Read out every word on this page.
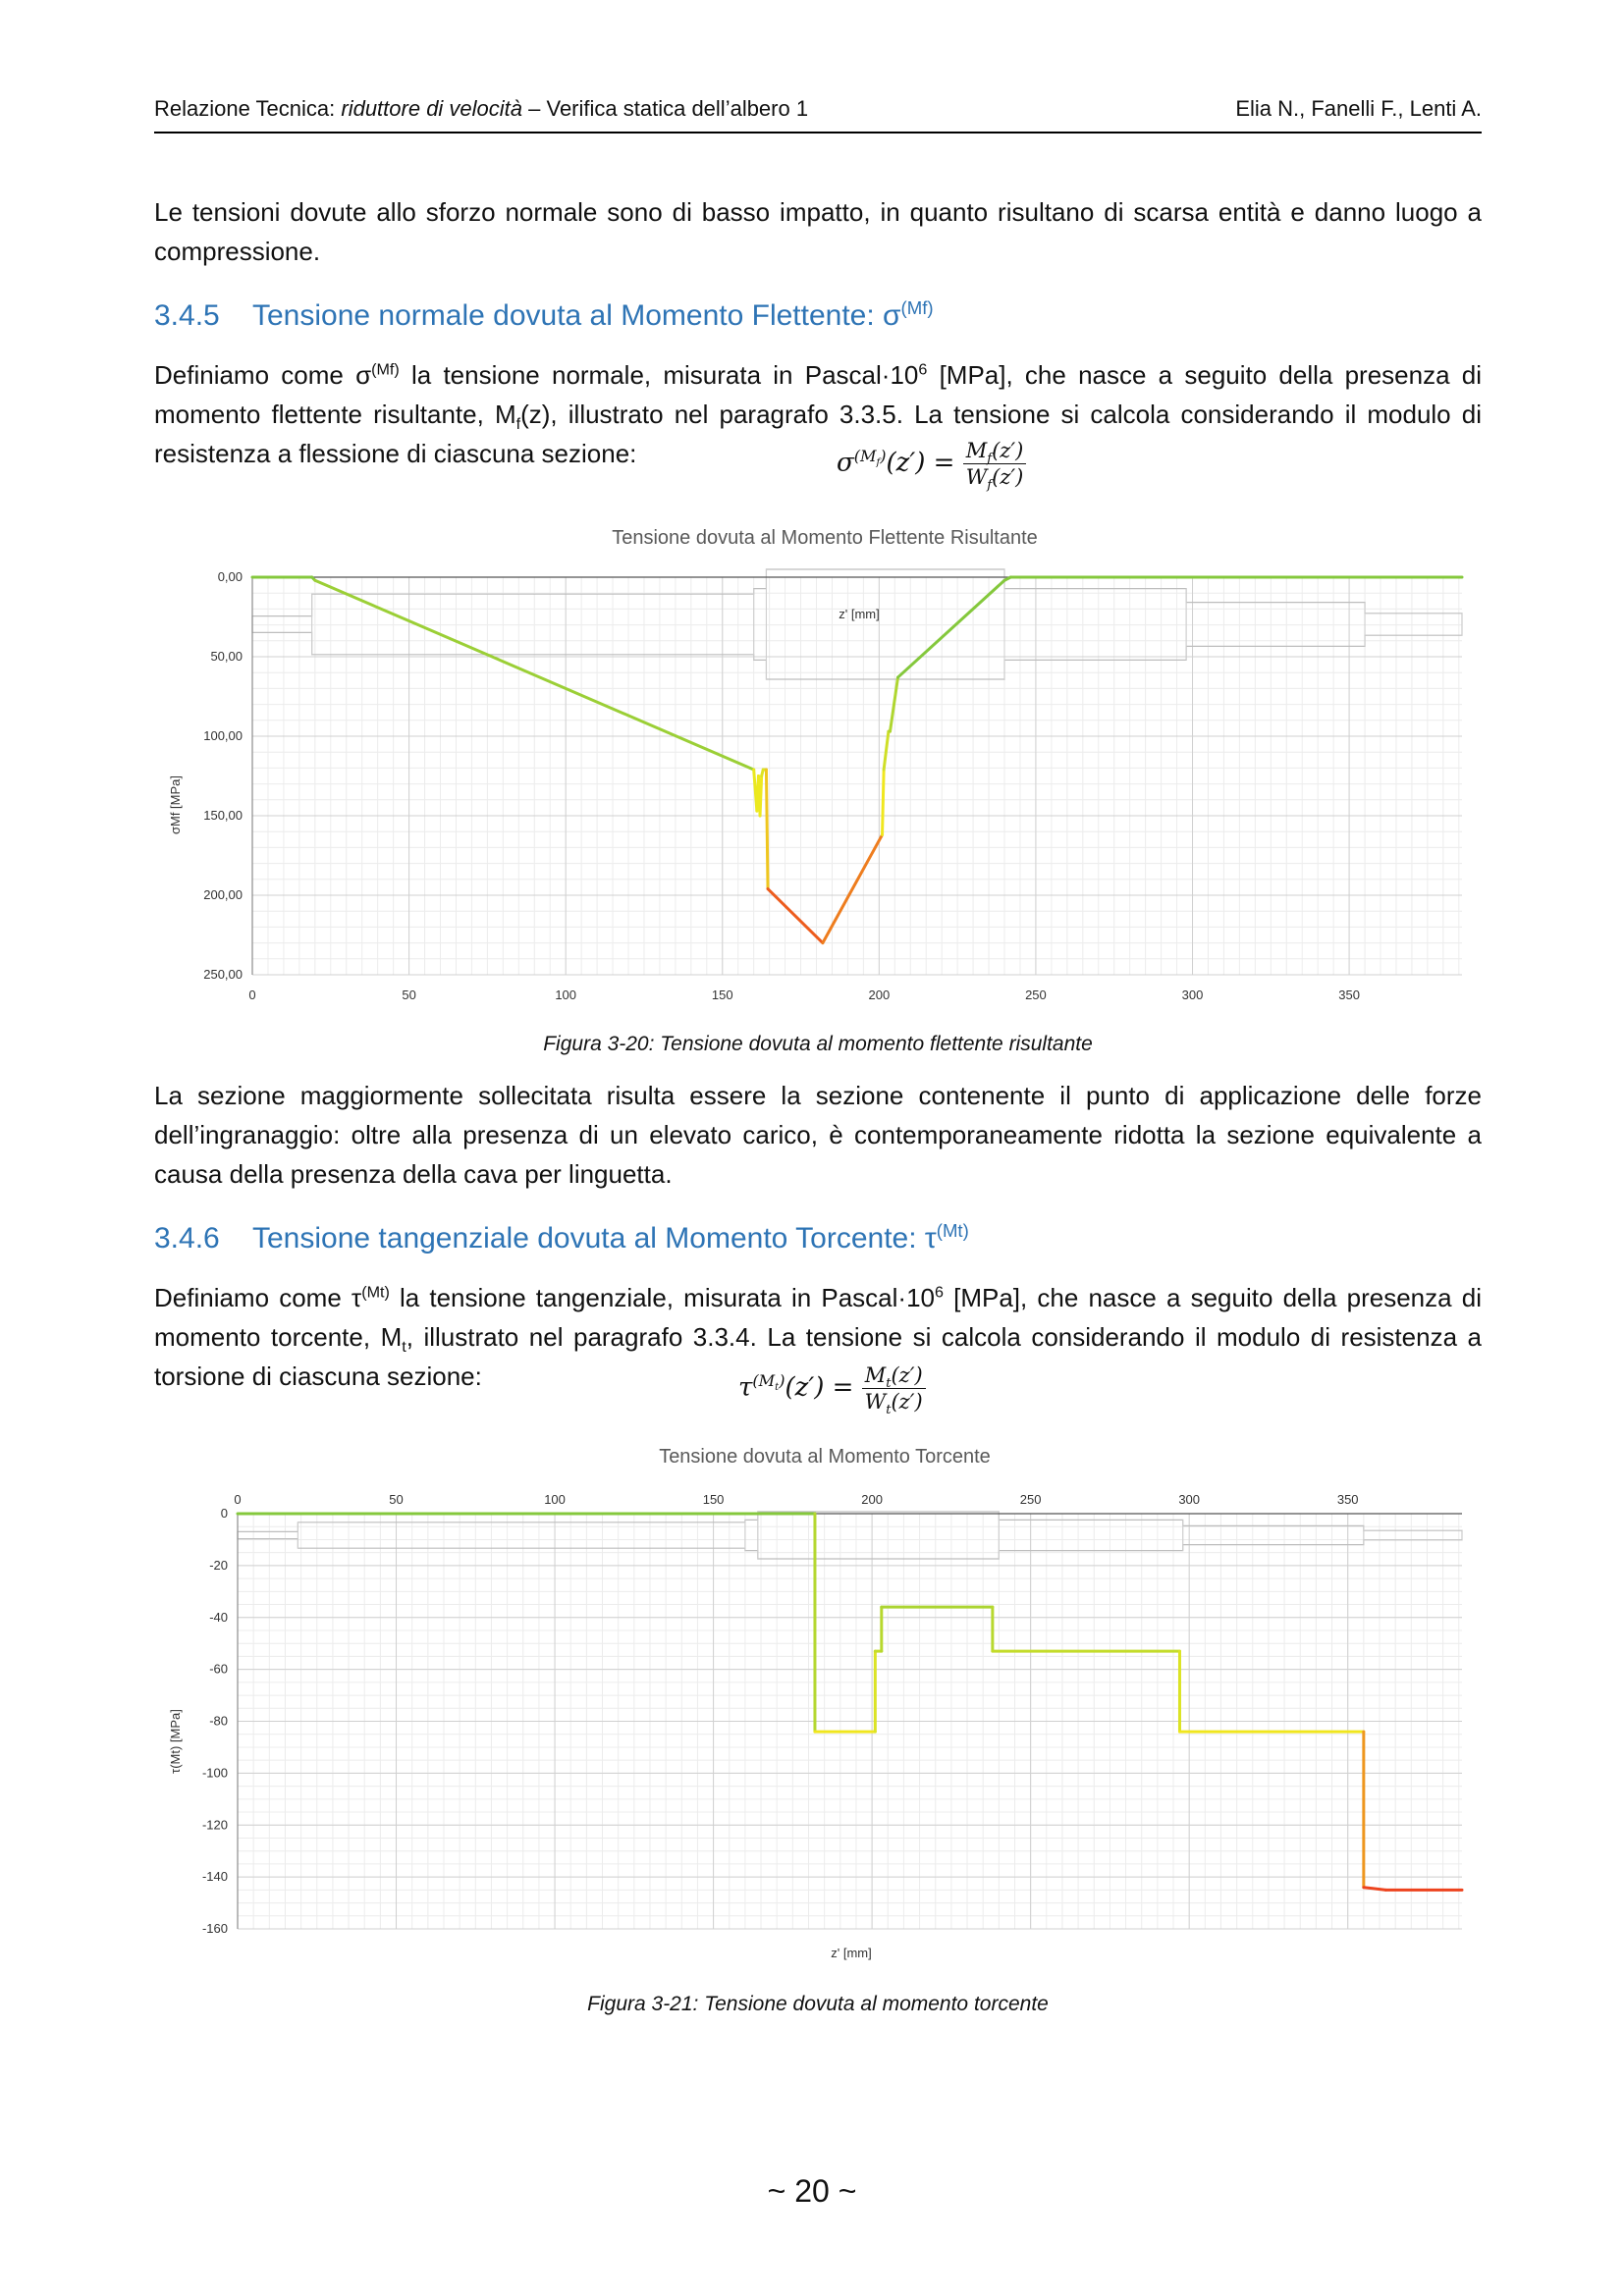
Relazione Tecnica: riduttore di velocità – Verifica statica dell’albero 1	Elia N., Fanelli F., Lenti A.

Le tensioni dovute allo sforzo normale sono di basso impatto, in quanto risultano di scarsa entità e danno luogo a compressione.

3.4.5 Tensione normale dovuta al Momento Flettente: $\sigma^{(Mf)}$

Definiamo come $\sigma^{(Mf)}$ la tensione normale, misurata in $Pascal\cdot 10^6$ [MPa], che nasce a seguito della presenza di momento flettente risultante, $M_f(z)$, illustrato nel paragrafo 3.3.5. La tensione si calcola considerando il modulo di resistenza a flessione di ciascuna sezione:	$\sigma^{(M_f)}(z') = \frac{M_f(z')}{W_f(z')}$
Tensione dovuta al Momento Flettente Risultante
0	50	100	150	200	250	300	350
0,00
50,00
100,00
150,00
200,00
250,00
z' [mm]
σMf [MPa]
Figura 3-20: Tensione dovuta al momento flettente risultante

La sezione maggiormente sollecitata risulta essere la sezione contenente il punto di applicazione delle forze dell’ingranaggio: oltre alla presenza di un elevato carico, è contemporaneamente ridotta la sezione equivalente a causa della presenza della cava per linguetta.

3.4.6 Tensione tangenziale dovuta al Momento Torcente: $\tau^{(Mt)}$

Definiamo come $\tau^{(Mt)}$ la tensione tangenziale, misurata in $Pascal\cdot 10^6$ [MPa], che nasce a seguito della presenza di momento torcente, $M_t$, illustrato nel paragrafo 3.3.4. La tensione si calcola considerando il modulo di resistenza a torsione di ciascuna sezione:	$\tau^{(M_t)}(z') = \frac{M_t(z')}{W_t(z')}$
Tensione dovuta al Momento Torcente
0	50	100	150	200	250	300	350
0
-20
-40
-60
-80
-100
-120
-140
-160
z' [mm]
τ(Mt) [MPa]
Figura 3-21: Tensione dovuta al momento torcente
~ 20 ~
